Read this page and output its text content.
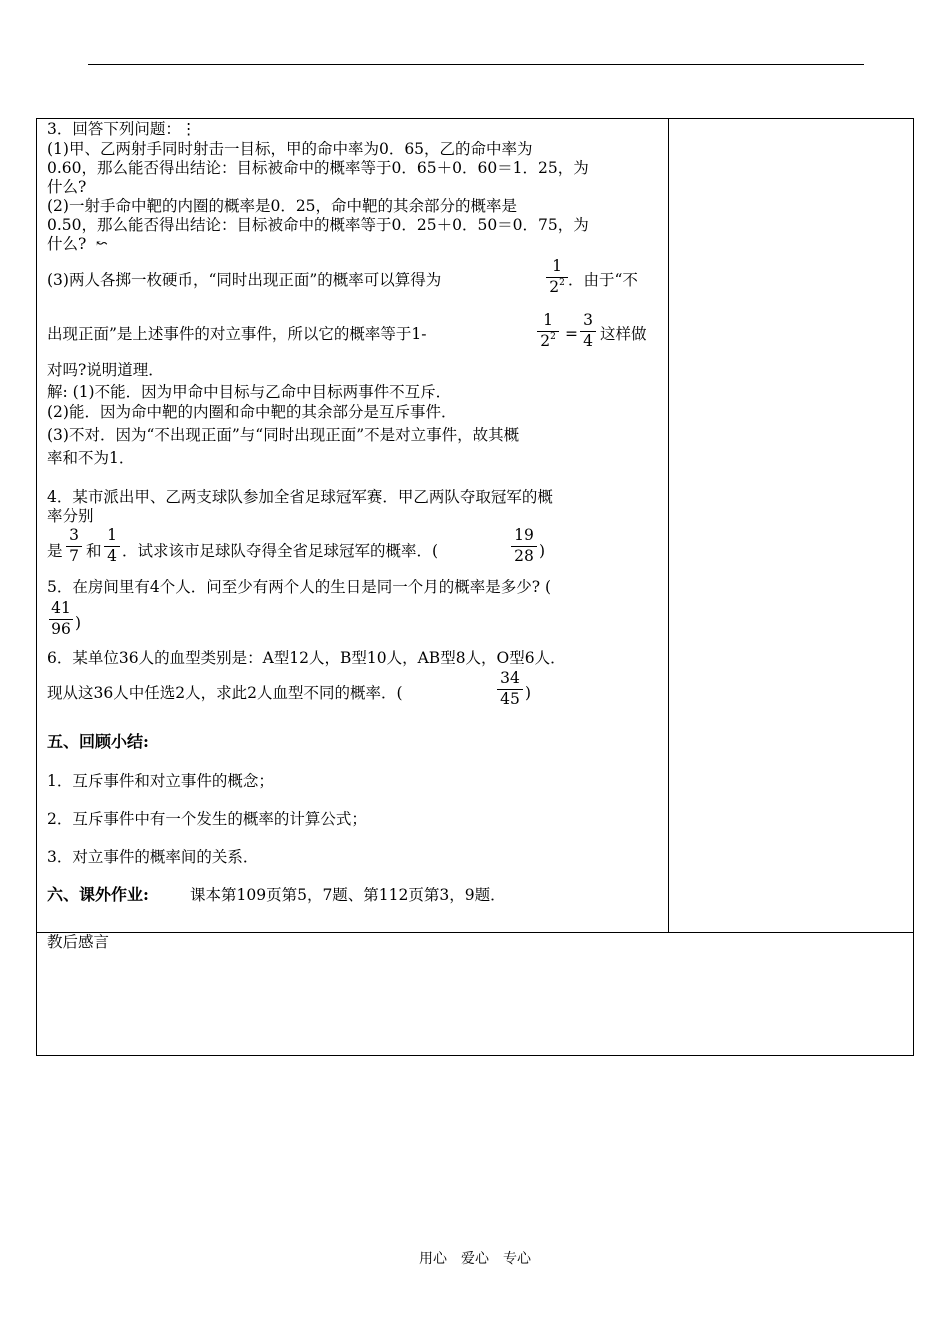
3．回答下列问题：⋮
(1)甲、乙两射手同时射击一目标，甲的命中率为0．65，乙的命中率为
0.60，那么能否得出结论：目标被命中的概率等于0．65＋0．60＝1．25，为
什么?
(2)一射手命中靶的内圈的概率是0．25，命中靶的其余部分的概率是
0.50，那么能否得出结论：目标被命中的概率等于0．25＋0．50＝0．75，为
什么? ↜
(3)两人各掷一枚硬币，“同时出现正面”的概率可以算得为
1
$2^2$ ．由于“不
出现正面”是上述事件的对立事件，所以它的概率等于1-
1
$2^2$ =
3
4 这样做
对吗?说明道理．
解: (1)不能．因为甲命中目标与乙命中目标两事件不互斥．
(2)能．因为命中靶的内圈和命中靶的其余部分是互斥事件．
(3)不对．因为“不出现正面”与“同时出现正面”不是对立事件，故其概
率和不为1．
4．某市派出甲、乙两支球队参加全省足球冠军赛．甲乙两队夺取冠军的概
率分别
是
3
7 和
1
4 ．试求该市足球队夺得全省足球冠军的概率．(
19
28 )
5．在房间里有4个人．问至少有两个人的生日是同一个月的概率是多少? (
41
96 )
6．某单位36人的血型类别是：A型12人，B型10人，AB型8人，O型6人．
现从这36人中任选2人，求此2人血型不同的概率．(
34
45 )
五、回顾小结:
1．互斥事件和对立事件的概念；
2．互斥事件中有一个发生的概率的计算公式；
3．对立事件的概率间的关系．
六、课外作业:	课本第109页第5，7题、第112页第3，9题．
教后感言
用心　爱心　专心
